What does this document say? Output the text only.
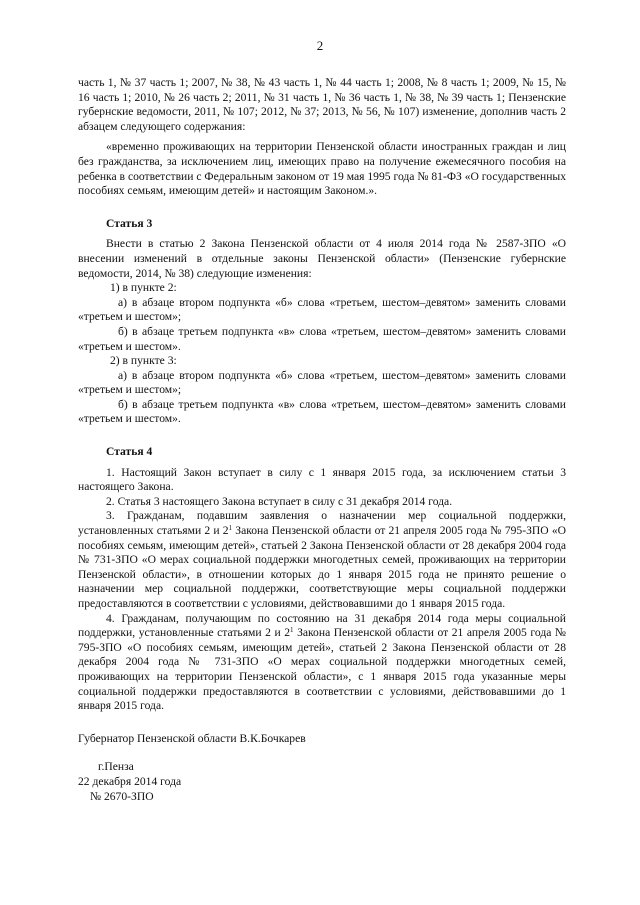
2

часть 1, № 37 часть 1; 2007, № 38, № 43 часть 1, № 44 часть 1; 2008, № 8 часть 1; 2009, № 15, № 16 часть 1; 2010, № 26 часть 2; 2011, № 31 часть 1, № 36 часть 1, № 38, № 39 часть 1; Пензенские губернские ведомости, 2011, № 107; 2012, № 37; 2013, № 56, № 107) изменение, дополнив часть 2 абзацем следующего содержания:

«временно проживающих на территории Пензенской области иностранных граждан и лиц без гражданства, за исключением лиц, имеющих право на получение ежемесячного пособия на ребенка в соответствии с Федеральным законом от 19 мая 1995 года № 81-ФЗ «О государственных пособиях семьям, имеющим детей» и настоящим Законом.».

Статья 3

Внести в статью 2 Закона Пензенской области от 4 июля 2014 года № 2587-ЗПО «О внесении изменений в отдельные законы Пензенской области» (Пензенские губернские ведомости, 2014, № 38) следующие изменения:

1) в пункте 2:

а) в абзаце втором подпункта «б» слова «третьем, шестом–девятом» заменить словами «третьем и шестом»;

б) в абзаце третьем подпункта «в» слова «третьем, шестом–девятом» заменить словами «третьем и шестом».

2) в пункте 3:

а) в абзаце втором подпункта «б» слова «третьем, шестом–девятом» заменить словами «третьем и шестом»;

б) в абзаце третьем подпункта «в» слова «третьем, шестом–девятом» заменить словами «третьем и шестом».

Статья 4

1. Настоящий Закон вступает в силу с 1 января 2015 года, за исключением статьи 3 настоящего Закона.

2. Статья 3 настоящего Закона вступает в силу с 31 декабря 2014 года.

3. Гражданам, подавшим заявления о назначении мер социальной поддержки, установленных статьями 2 и $2^1$ Закона Пензенской области от 21 апреля 2005 года № 795-ЗПО «О пособиях семьям, имеющим детей», статьей 2 Закона Пензенской области от 28 декабря 2004 года № 731-ЗПО «О мерах социальной поддержки многодетных семей, проживающих на территории Пензенской области», в отношении которых до 1 января 2015 года не принято решение о назначении мер социальной поддержки, соответствующие меры социальной поддержки предоставляются в соответствии с условиями, действовавшими до 1 января 2015 года.

4. Гражданам, получающим по состоянию на 31 декабря 2014 года меры социальной поддержки, установленные статьями 2 и $2^1$ Закона Пензенской области от 21 апреля 2005 года № 795-ЗПО «О пособиях семьям, имеющим детей», статьей 2 Закона Пензенской области от 28 декабря 2004 года № 731-ЗПО «О мерах социальной поддержки многодетных семей, проживающих на территории Пензенской области», с 1 января 2015 года указанные меры социальной поддержки предоставляются в соответствии с условиями, действовавшими до 1 января 2015 года.

Губернатор Пензенской области В.К.Бочкарев

г.Пенза

22 декабря 2014 года

№ 2670-ЗПО
